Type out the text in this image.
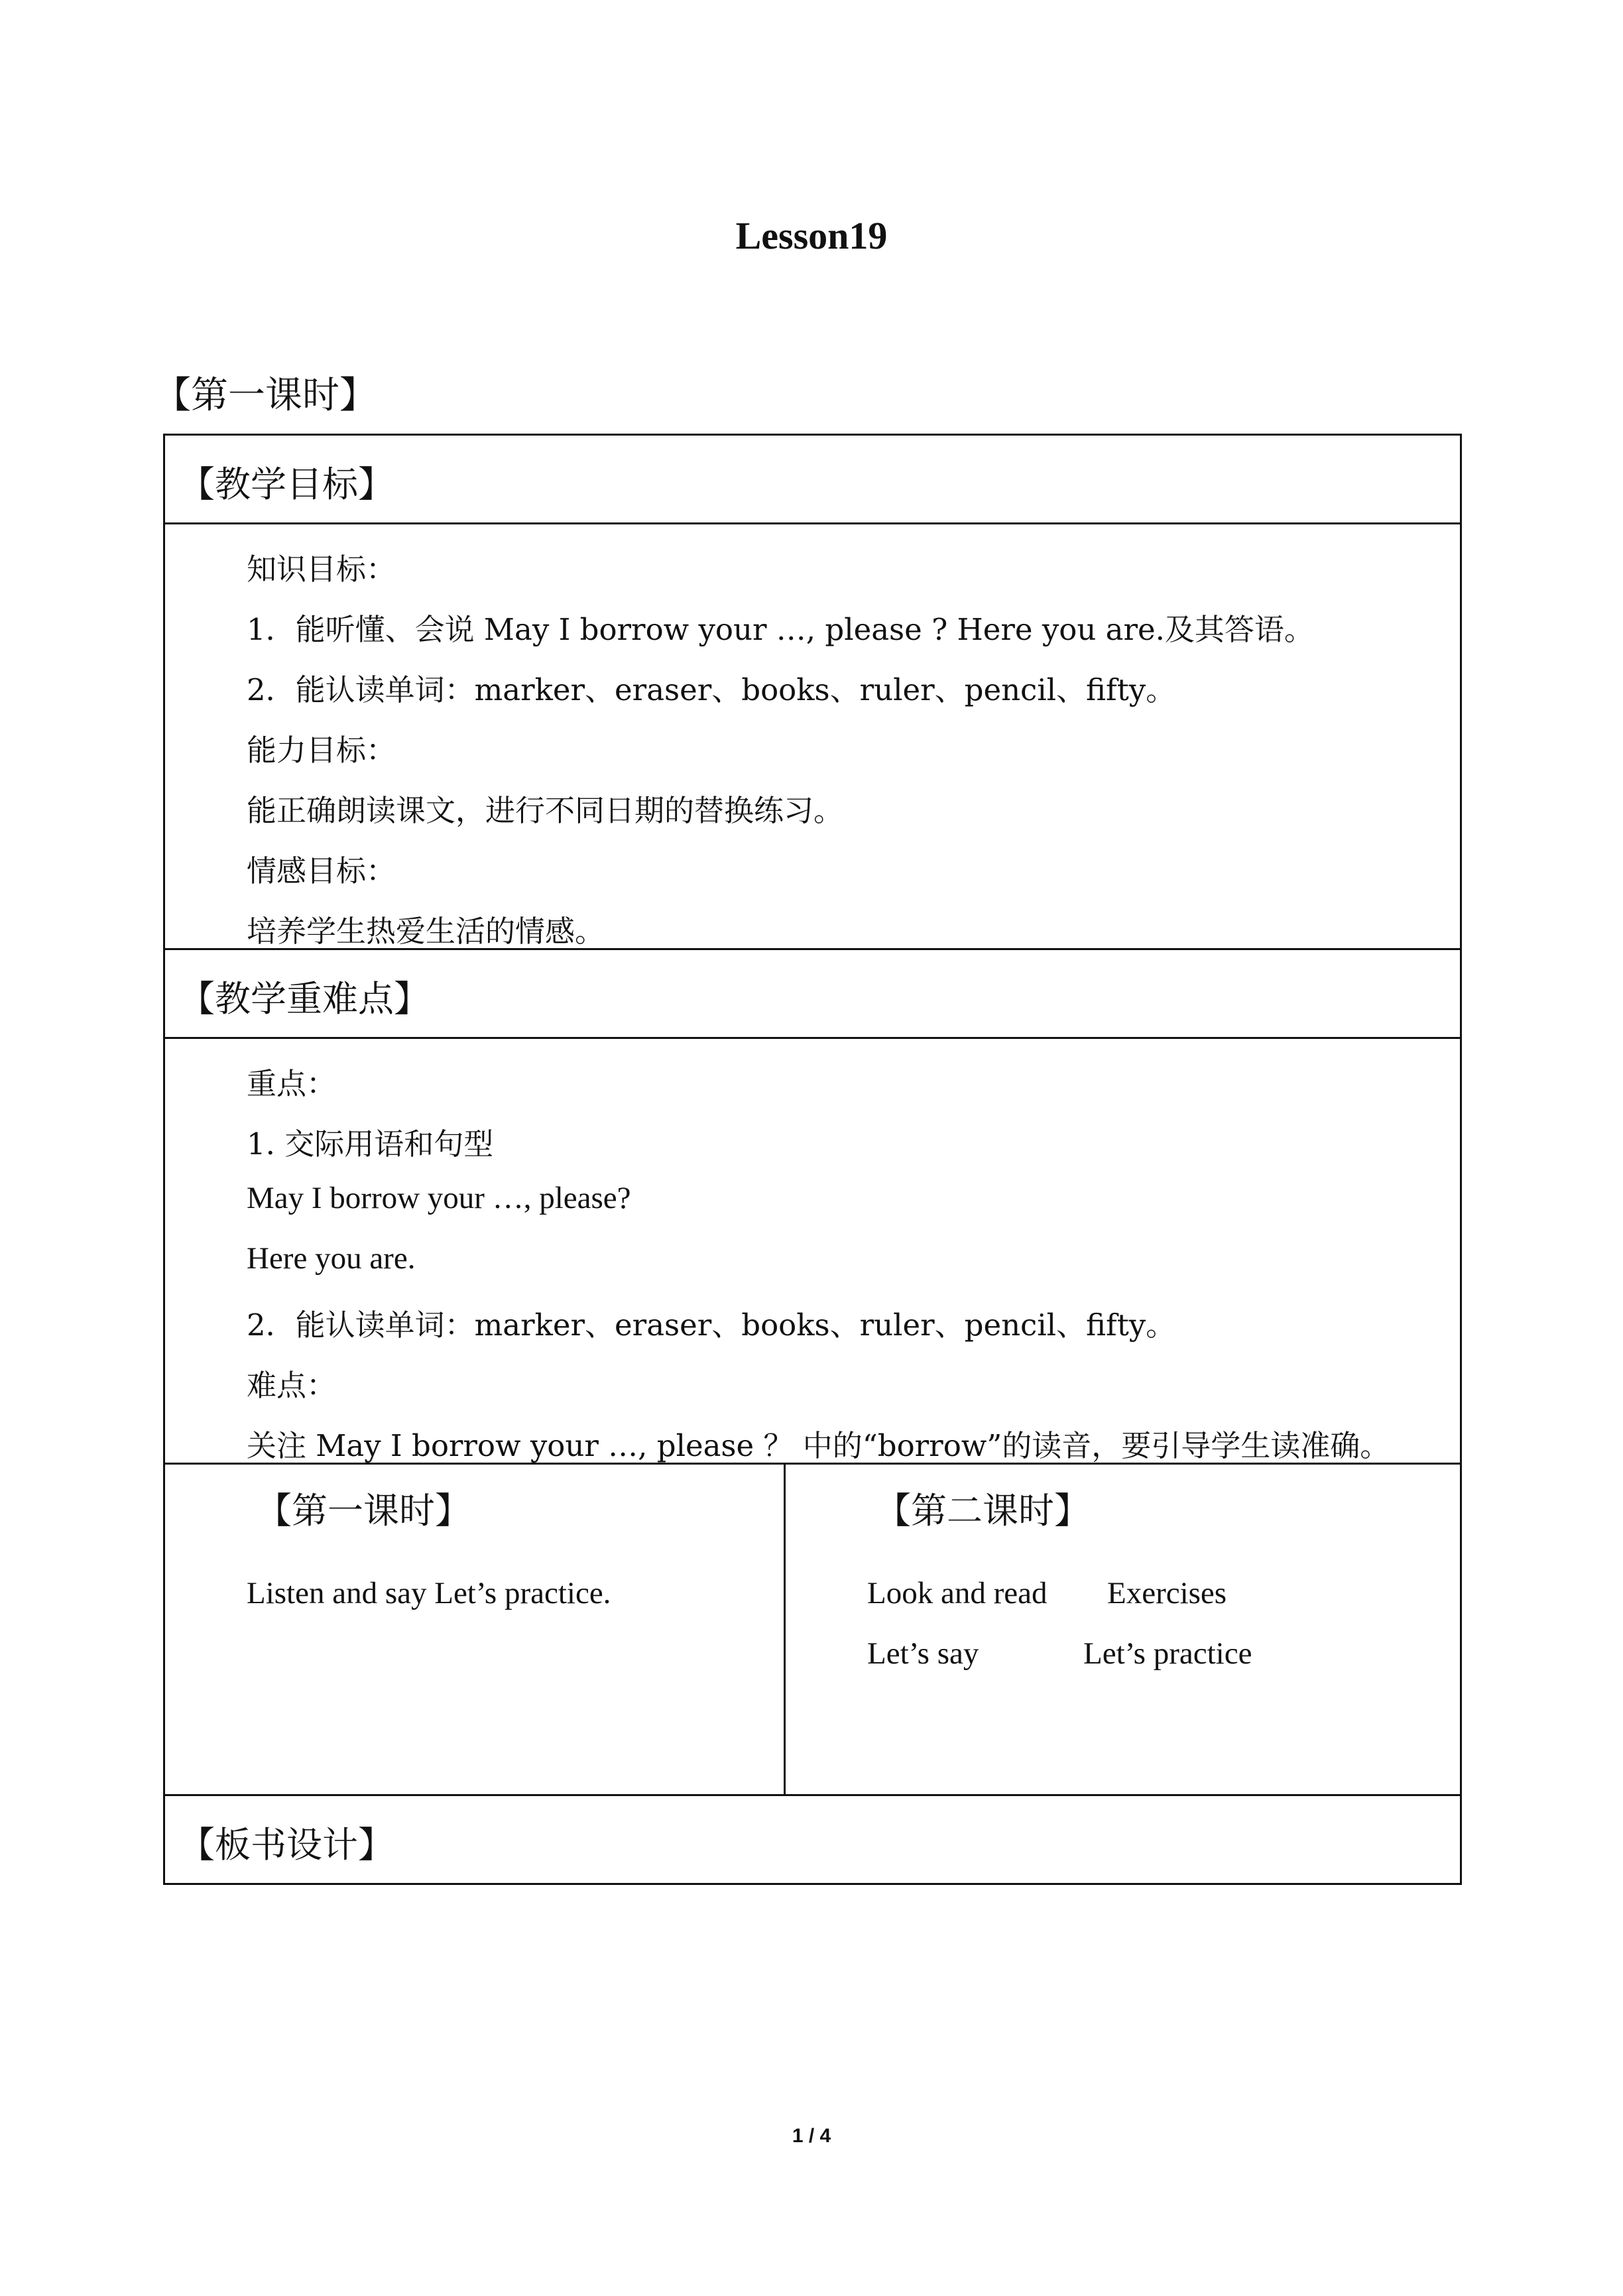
Lesson19
【第一课时】
【教学目标】
知识目标：
1．能听懂、会说 May I borrow your …, please ? Here you are.及其答语。
2．能认读单词：marker、eraser、books、ruler、pencil、fifty。
能力目标：
能正确朗读课文，进行不同日期的替换练习。
情感目标：
培养学生热爱生活的情感。
【教学重难点】
重点：
1. 交际用语和句型
May I borrow your …, please?
Here you are.
2．能认读单词：marker、eraser、books、ruler、pencil、fifty。
难点：
关注 May I borrow your …, please ？ 中的“borrow”的读音，要引导学生读准确。
【第一课时】
Listen and say Let’s practice.
【第二课时】
Look and read Exercises
Let’s say	Let’s practice
【板书设计】
1 / 4
